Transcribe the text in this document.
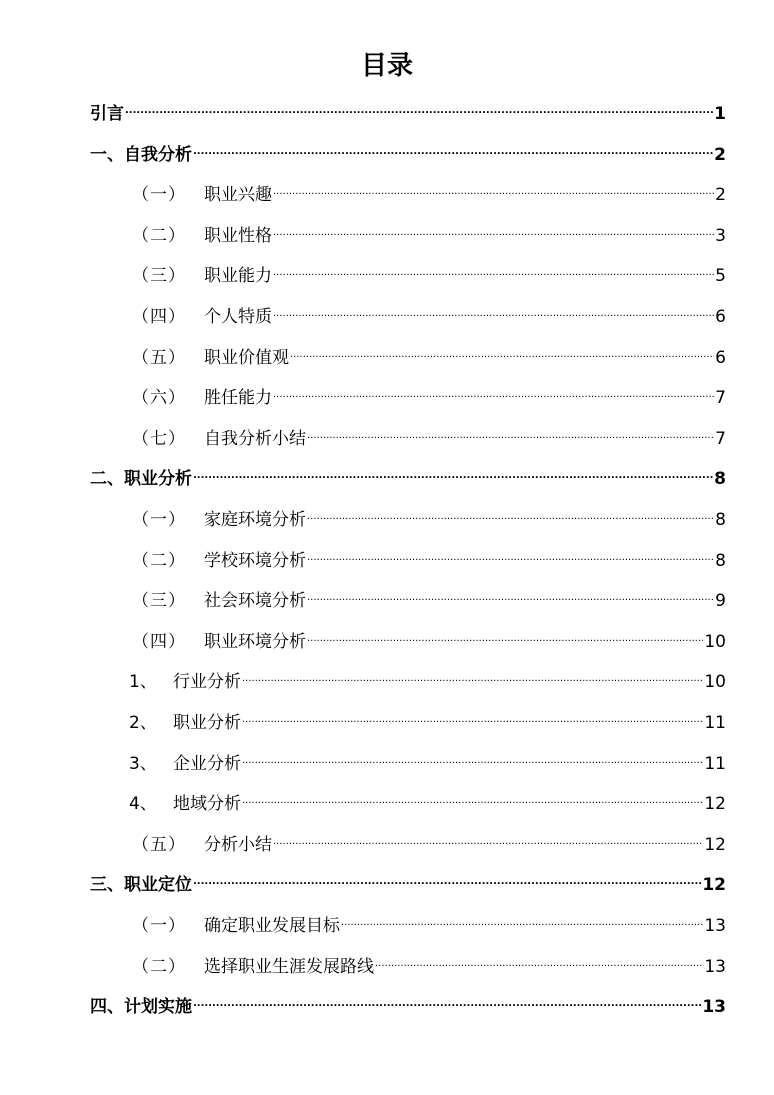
目录
引言 .....	1
一、自我分析 .....	2
（一）	职业兴趣 .....	2
（二）	职业性格 .....	3
（三）	职业能力 .....	5
（四）	个人特质 .....	6
（五）	职业价值观 .....	6
（六）	胜任能力 .....	7
（七）	自我分析小结 .....	7
二、职业分析 .....	8
（一）	家庭环境分析 .....	8
（二）	学校环境分析 .....	8
（三）	社会环境分析 .....	9
（四）	职业环境分析 .....	10
1、 行业分析 .....	10
2、 职业分析 .....	11
3、 企业分析 .....	11
4、 地域分析 .....	12
（五）	分析小结 .....	12
三、职业定位 .....	12
（一）	确定职业发展目标 .....	13
（二）	选择职业生涯发展路线 .....	13
四、计划实施 .....	13
